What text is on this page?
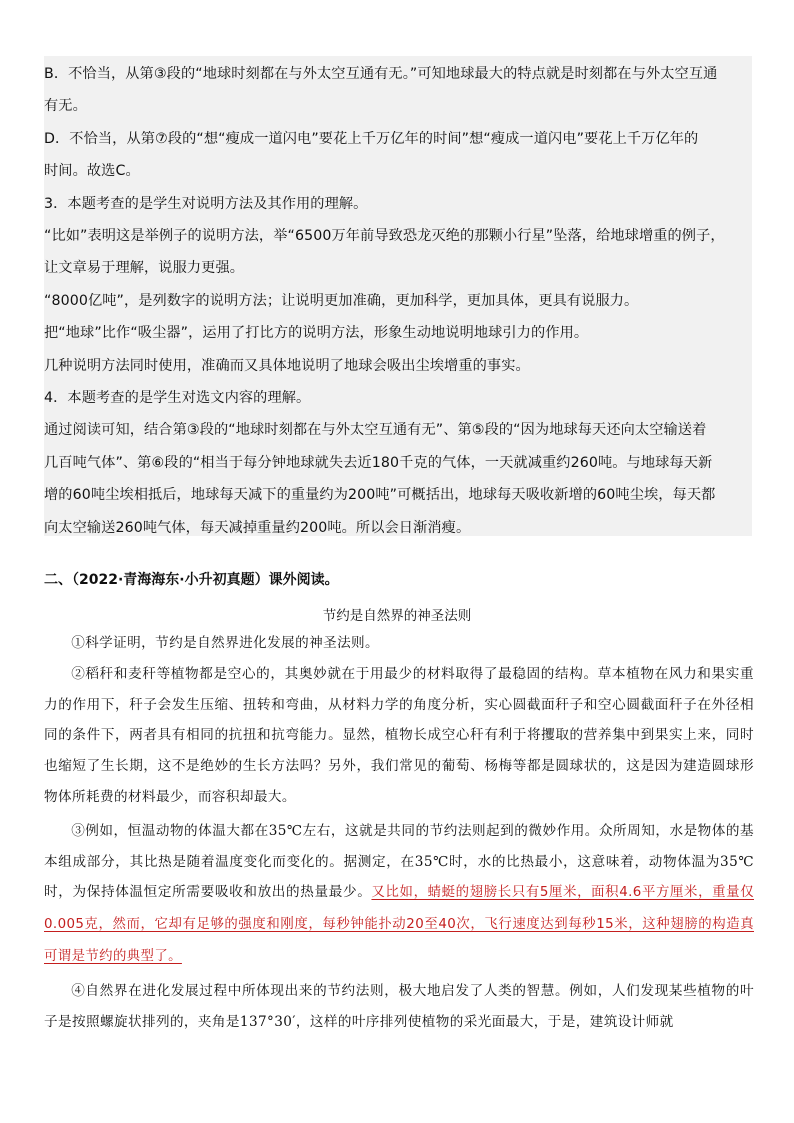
B．不恰当，从第③段的“地球时刻都在与外太空互通有无。”可知地球最大的特点就是时刻都在与外太空互通

有无。

D．不恰当，从第⑦段的“想“瘦成一道闪电”要花上千万亿年的时间”想“瘦成一道闪电”要花上千万亿年的

时间。故选C。

3．本题考查的是学生对说明方法及其作用的理解。

“比如”表明这是举例子的说明方法，举“6500万年前导致恐龙灭绝的那颗小行星”坠落，给地球增重的例子，

让文章易于理解，说服力更强。

“8000亿吨”，是列数字的说明方法；让说明更加准确，更加科学，更加具体，更具有说服力。

把“地球”比作“吸尘器”，运用了打比方的说明方法，形象生动地说明地球引力的作用。

几种说明方法同时使用，准确而又具体地说明了地球会吸出尘埃增重的事实。

4．本题考查的是学生对选文内容的理解。

通过阅读可知，结合第③段的“地球时刻都在与外太空互通有无”、第⑤段的“因为地球每天还向太空输送着

几百吨气体”、第⑥段的“相当于每分钟地球就失去近180千克的气体，一天就减重约260吨。与地球每天新

增的60吨尘埃相抵后，地球每天减下的重量约为200吨”可概括出，地球每天吸收新增的60吨尘埃，每天都

向太空输送260吨气体，每天减掉重量约200吨。所以会日渐消瘦。

二、（2022·青海海东·小升初真题）课外阅读。
节约是自然界的神圣法则

①科学证明，节约是自然界进化发展的神圣法则。

②稻秆和麦秆等植物都是空心的，其奥妙就在于用最少的材料取得了最稳固的结构。草本植物在风力和果实重力的作用下，秆子会发生压缩、扭转和弯曲，从材料力学的角度分析，实心圆截面秆子和空心圆截面秆子在外径相同的条件下，两者具有相同的抗扭和抗弯能力。显然，植物长成空心秆有利于将攫取的营养集中到果实上来，同时也缩短了生长期，这不是绝妙的生长方法吗？另外，我们常见的葡萄、杨梅等都是圆球状的，这是因为建造圆球形物体所耗费的材料最少，而容积却最大。

③例如，恒温动物的体温大都在35℃左右，这就是共同的节约法则起到的微妙作用。众所周知，水是物体的基本组成部分，其比热是随着温度变化而变化的。据测定，在35℃时，水的比热最小，这意味着，动物体温为35℃时，为保持体温恒定所需要吸收和放出的热量最少。又比如，蜻蜓的翅膀长只有5厘米，面积4.6平方厘米，重量仅0.005克，然而，它却有足够的强度和刚度，每秒钟能扑动20至40次，飞行速度达到每秒15米，这种翅膀的构造真可谓是节约的典型了。

④自然界在进化发展过程中所体现出来的节约法则，极大地启发了人类的智慧。例如，人们发现某些植物的叶子是按照螺旋状排列的，夹角是137°30′，这样的叶序排列使植物的采光面最大，于是，建筑设计师就
